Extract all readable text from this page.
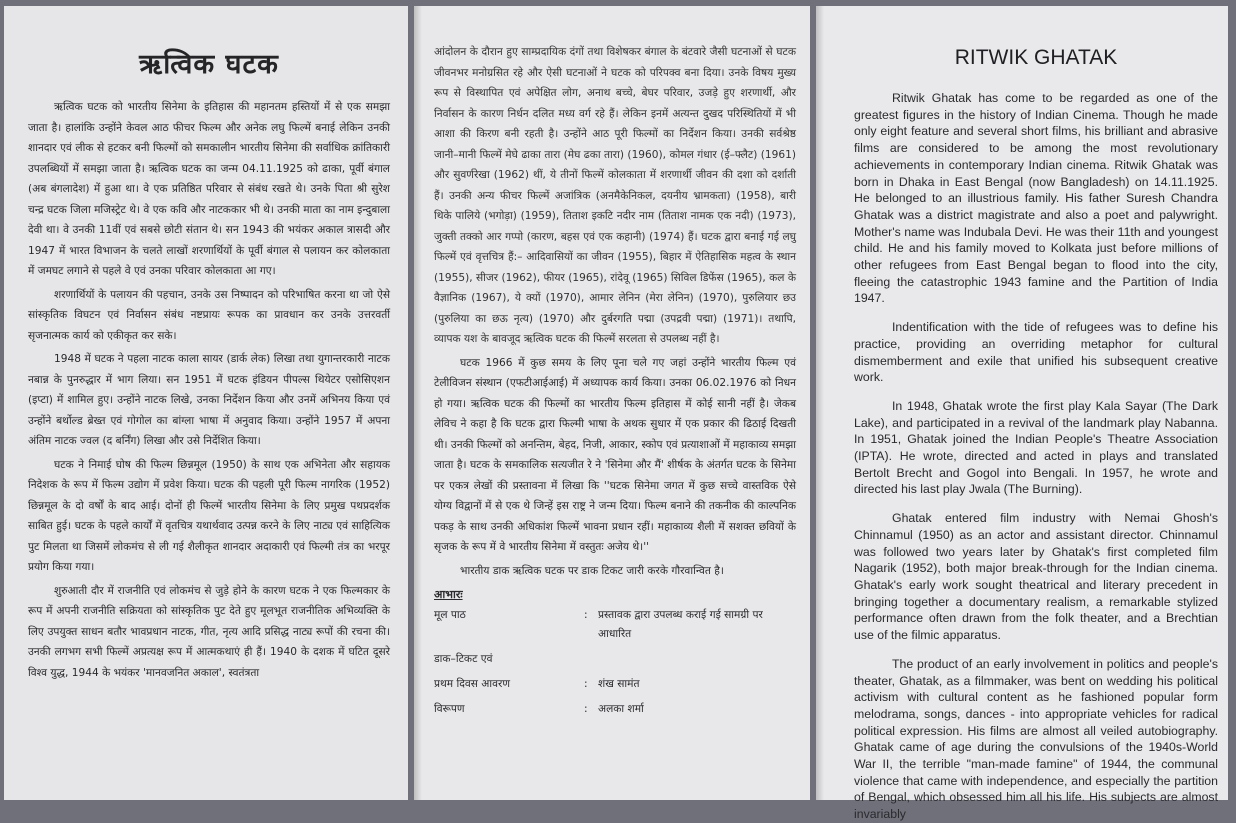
ऋत्विक घटक

ऋत्विक घटक को भारतीय सिनेमा के इतिहास की महानतम हस्तियों में से एक समझा जाता है। हालांकि उन्होंने केवल आठ फीचर फिल्म और अनेक लघु फिल्में बनाई लेकिन उनकी शानदार एवं लीक से हटकर बनी फिल्मों को समकालीन भारतीय सिनेमा की सर्वाधिक क्रांतिकारी उपलब्धियों में समझा जाता है। ऋत्विक घटक का जन्म 04.11.1925 को ढाका, पूर्वी बंगाल (अब बंगलादेश) में हुआ था। वे एक प्रतिष्ठित परिवार से संबंध रखते थे। उनके पिता श्री सुरेश चन्द्र घटक जिला मजिस्ट्रेट थे। वे एक कवि और नाटककार भी थे। उनकी माता का नाम इन्दुबाला देवी था। वे उनकी 11वीं एवं सबसे छोटी संतान थे। सन 1943 की भयंकर अकाल त्रासदी और 1947 में भारत विभाजन के चलते लाखों शरणार्थियों के पूर्वी बंगाल से पलायन कर कोलकाता में जमघट लगाने से पहले वे एवं उनका परिवार कोलकाता आ गए।

शरणार्थियों के पलायन की पहचान, उनके उस निष्पादन को परिभाषित करना था जो ऐसे सांस्कृतिक विघटन एवं निर्वासन संबंध नष्टप्रायः रूपक का प्रावधान कर उनके उत्तरवर्ती सृजनात्मक कार्य को एकीकृत कर सके।

1948 में घटक ने पहला नाटक काला सायर (डार्क लेक) लिखा तथा युगान्तरकारी नाटक नबान्न के पुनरुद्धार में भाग लिया। सन 1951 में घटक इंडियन पीपल्स थियेटर एसोसिएशन (इप्टा) में शामिल हुए। उन्होंने नाटक लिखे, उनका निर्देशन किया और उनमें अभिनय किया एवं उन्होंने बर्थोल्ड ब्रेख्त एवं गोगोल का बांग्ला भाषा में अनुवाद किया। उन्होंने 1957 में अपना अंतिम नाटक ज्वल (द बर्निंग) लिखा और उसे निर्देशित किया।

घटक ने निमाई घोष की फिल्म छिन्नमूल (1950) के साथ एक अभिनेता और सहायक निदेशक के रूप में फिल्म उद्योग में प्रवेश किया। घटक की पहली पूरी फिल्म नागरिक (1952) छिन्नमूल के दो वर्षों के बाद आई। दोनों ही फिल्में भारतीय सिनेमा के लिए प्रमुख पथप्रदर्शक साबित हुई। घटक के पहले कार्यों में वृतचित्र यथार्थवाद उत्पन्न करने के लिए नाट्य एवं साहित्यिक पुट मिलता था जिसमें लोकमंच से ली गई शैलीकृत शानदार अदाकारी एवं फिल्मी तंत्र का भरपूर प्रयोग किया गया।

शुरुआती दौर में राजनीति एवं लोकमंच से जुड़े होने के कारण घटक ने एक फिल्मकार के रूप में अपनी राजनीति सक्रियता को सांस्कृतिक पुट देते हुए मूलभूत राजनीतिक अभिव्यक्ति के लिए उपयुक्त साधन बतौर भावप्रधान नाटक, गीत, नृत्य आदि प्रसिद्ध नाट्य रूपों की रचना की। उनकी लगभग सभी फिल्में अप्रत्यक्ष रूप में आत्मकथाएं ही हैं। 1940 के दशक में घटित दूसरे विश्व युद्ध, 1944 के भयंकर 'मानवजनित अकाल', स्वतंत्रता

आंदोलन के दौरान हुए साम्प्रदायिक दंगों तथा विशेषकर बंगाल के बंटवारे जैसी घटनाओं से घटक जीवनभर मनोग्रसित रहे और ऐसी घटनाओं ने घटक को परिपक्व बना दिया। उनके विषय मुख्य रूप से विस्थापित एवं अपेक्षित लोग, अनाथ बच्चे, बेघर परिवार, उजड़े हुए शरणार्थी, और निर्वासन के कारण निर्धन दलित मध्य वर्ग रहे हैं। लेकिन इनमें अत्यन्त दुखद परिस्थितियों में भी आशा की किरण बनी रहती है। उन्होंने आठ पूरी फिल्मों का निर्देशन किया। उनकी सर्वश्रेष्ठ जानी–मानी फिल्में मेघे ढाका तारा (मेघ ढका तारा) (1960), कोमल गंधार (ई–फ्लैट) (1961) और सुवर्णरेखा (1962) थीं, ये तीनों फिल्में कोलकाता में शरणार्थी जीवन की दशा को दर्शाती हैं। उनकी अन्य फीचर फिल्में अजांत्रिक (अनमैकेनिकल, दयनीय भ्रामकता) (1958), बारी थिके पालिये (भगोड़ा) (1959), तिताश इकटि नदीर नाम (तिताश नामक एक नदी) (1973), जुक्ती तक्को आर गप्पो (कारण, बहस एवं एक कहानी) (1974) हैं। घटक द्वारा बनाई गई लघु फिल्में एवं वृत्तचित्र हैं:– आदिवासियों का जीवन (1955), बिहार में ऐतिहासिक महत्व के स्थान (1955), सीजर (1962), फीयर (1965), रांदेवू (1965) सिविल डिफेंस (1965), कल के वैज्ञानिक (1967), ये क्यों (1970), आमार लेनिन (मेरा लेनिन) (1970), पुरुलियार छउ (पुरुलिया का छऊ नृत्य) (1970) और दुर्बरगति पद्मा (उपद्रवी पद्मा) (1971)। तथापि, व्यापक यश के बावजूद ऋत्विक घटक की फिल्में सरलता से उपलब्ध नहीं है।

घटक 1966 में कुछ समय के लिए पूना चले गए जहां उन्होंने भारतीय फिल्म एवं टेलीविजन संस्थान (एफटीआईआई) में अध्यापक कार्य किया। उनका 06.02.1976 को निधन हो गया। ऋत्विक घटक की फिल्मों का भारतीय फिल्म इतिहास में कोई सानी नहीं है। जेकब लेविच ने कहा है कि घटक द्वारा फिल्मी भाषा के अथक सुधार में एक प्रकार की ढिठाई दिखती थी। उनकी फिल्मों को अनन्तिम, बेहद, निजी, आकार, स्कोप एवं प्रत्याशाओं में महाकाव्य समझा जाता है। घटक के समकालिक सत्यजीत रे ने 'सिनेमा और मैं' शीर्षक के अंतर्गत घटक के सिनेमा पर एकत्र लेखों की प्रस्तावना में लिखा कि ''घटक सिनेमा जगत में कुछ सच्चे वास्तविक ऐसे योग्य विद्वानों में से एक थे जिन्हें इस राष्ट्र ने जन्म दिया। फिल्म बनाने की तकनीक की काल्पनिक पकड़ के साथ उनकी अधिकांश फिल्में भावना प्रधान रहीं। महाकाव्य शैली में सशक्त छवियों के सृजक के रूप में वे भारतीय सिनेमा में वस्तुतः अजेय थे।''

भारतीय डाक ऋत्विक घटक पर डाक टिकट जारी करके गौरवान्वित है।

आभारः
मूल पाठ	: प्रस्तावक द्वारा उपलब्ध कराई गई सामग्री पर आधारित
डाक–टिकट एवं
प्रथम दिवस आवरण	: शंख सामंत
विरूपण	: अलका शर्मा
RITWIK GHATAK

Ritwik Ghatak has come to be regarded as one of the greatest figures in the history of Indian Cinema. Though he made only eight feature and several short films, his brilliant and abrasive films are considered to be among the most revolutionary achievements in contemporary Indian cinema. Ritwik Ghatak was born in Dhaka in East Bengal (now Bangladesh) on 14.11.1925. He belonged to an illustrious family. His father Suresh Chandra Ghatak was a district magistrate and also a poet and palywright. Mother's name was Indubala Devi. He was their 11th and youngest child. He and his family moved to Kolkata just before millions of other refugees from East Bengal began to flood into the city, fleeing the catastrophic 1943 famine and the Partition of India 1947.

Indentification with the tide of refugees was to define his practice, providing an overriding metaphor for cultural dismemberment and exile that unified his subsequent creative work.

In 1948, Ghatak wrote the first play Kala Sayar (The Dark Lake), and participated in a revival of the landmark play Nabanna. In 1951, Ghatak joined the Indian People's Theatre Association (IPTA). He wrote, directed and acted in plays and translated Bertolt Brecht and Gogol into Bengali. In 1957, he wrote and directed his last play Jwala (The Burning).

Ghatak entered film industry with Nemai Ghosh's Chinnamul (1950) as an actor and assistant director. Chinnamul was followed two years later by Ghatak's first completed film Nagarik (1952), both major break-through for the Indian cinema. Ghatak's early work sought theatrical and literary precedent in bringing together a documentary realism, a remarkable stylized performance often drawn from the folk theater, and a Brechtian use of the filmic apparatus.

The product of an early involvement in politics and people's theater, Ghatak, as a filmmaker, was bent on wedding his political activism with cultural content as he fashioned popular form melodrama, songs, dances - into appropriate vehicles for radical political expression. His films are almost all veiled autobiography. Ghatak came of age during the convulsions of the 1940s-World War II, the terrible "man-made famine" of 1944, the communal violence that came with independence, and especially the partition of Bengal, which obsessed him all his life. His subjects are almost invariably
